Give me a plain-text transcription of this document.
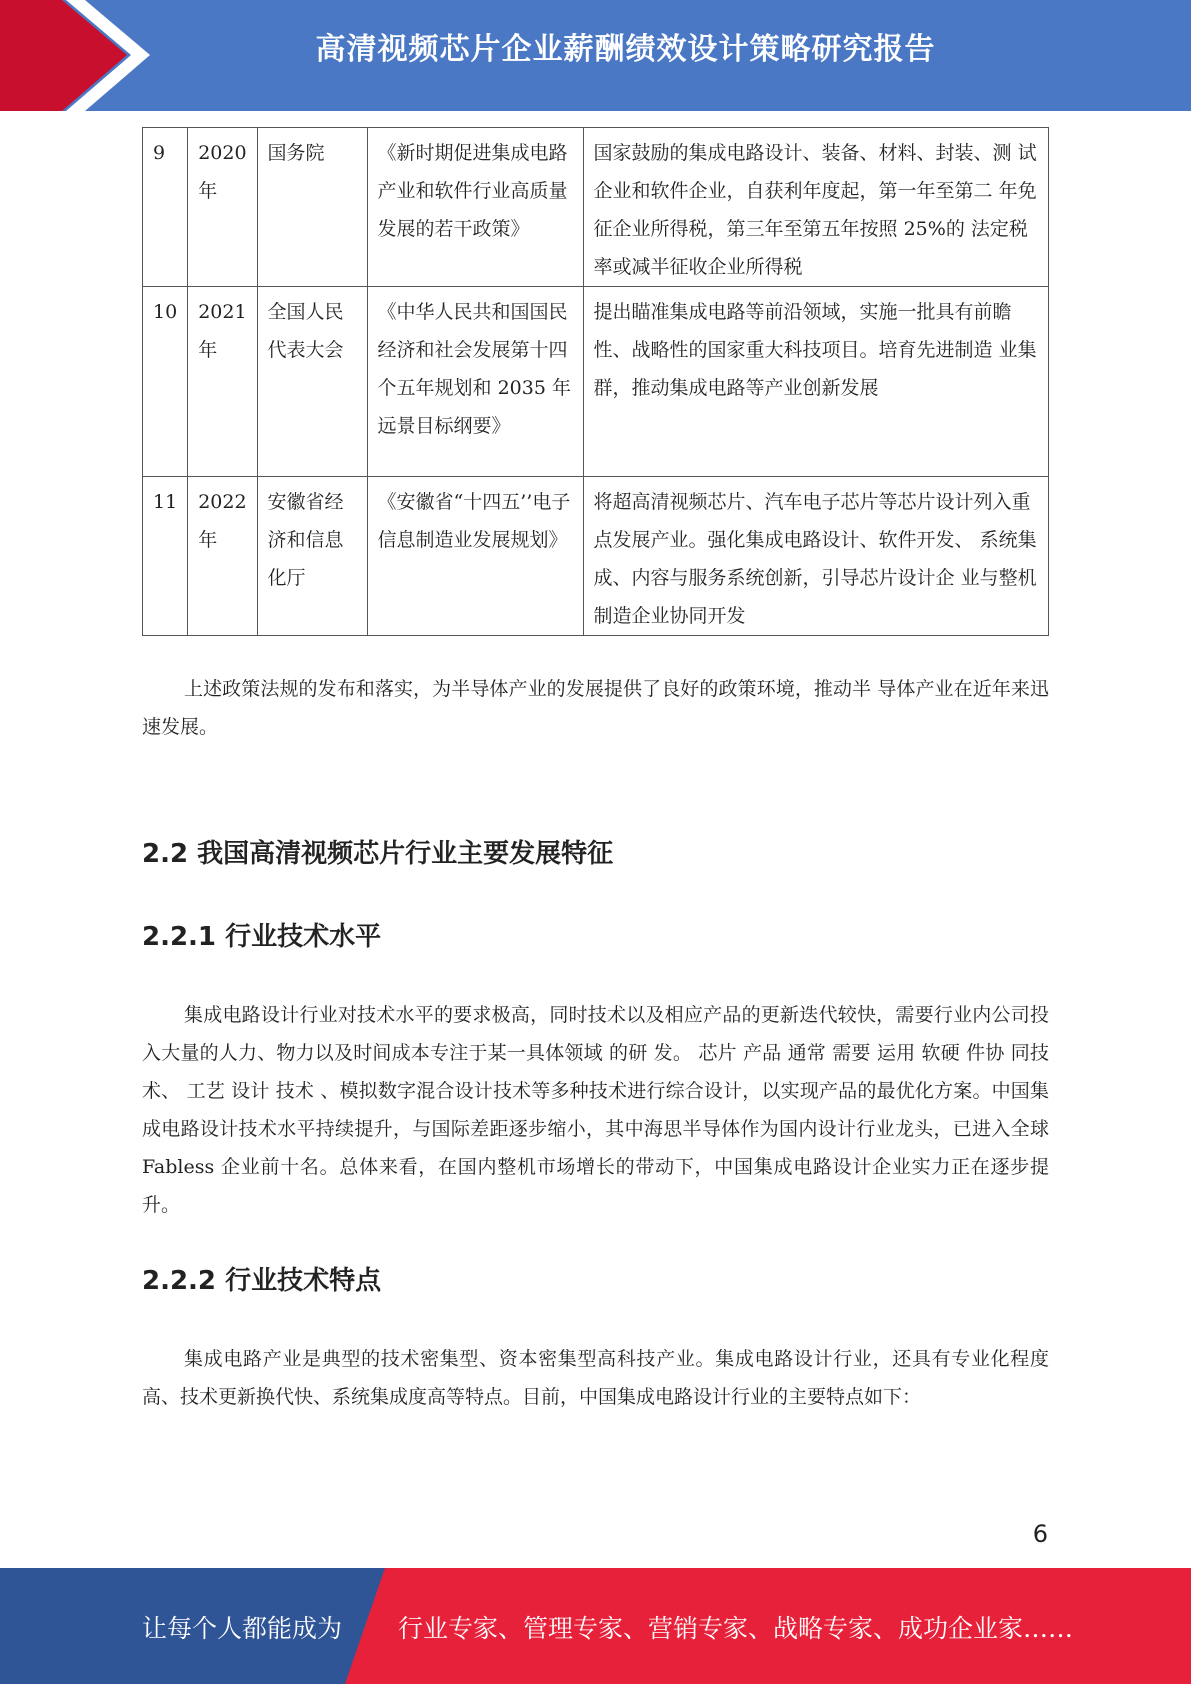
高清视频芯片企业薪酬绩效设计策略研究报告
9	2020年	国务院	《新时期促进集成电路产业和软件行业高质量发展的若干政策》	国家鼓励的集成电路设计、装备、材料、封装、测 试企业和软件企业，自获利年度起，第一年至第二 年免征企业所得税，第三年至第五年按照 25%的 法定税率或减半征收企业所得税
10	2021年	全国人民代表大会	《中华人民共和国国民经济和社会发展第十四个五年规划和 2035 年远景目标纲要》	提出瞄准集成电路等前沿领域，实施一批具有前瞻性、战略性的国家重大科技项目。培育先进制造 业集群，推动集成电路等产业创新发展
11	2022年	安徽省经济和信息化厅	《安徽省“十四五’’电子信息制造业发展规划》	将超高清视频芯片、汽车电子芯片等芯片设计列入重点发展产业。强化集成电路设计、软件开发、 系统集成、内容与服务系统创新，引导芯片设计企 业与整机制造企业协同开发

上述政策法规的发布和落实，为半导体产业的发展提供了良好的政策环境，推动半 导体产业在近年来迅速发展。

2.2 我国高清视频芯片行业主要发展特征
2.2.1 行业技术水平

集成电路设计行业对技术水平的要求极高，同时技术以及相应产品的更新迭代较快，需要行业内公司投入大量的人力、物力以及时间成本专注于某一具体领域 的研 发。 芯片 产品 通常 需要 运用 软硬 件协 同技 术、 工艺 设计 技术 、模拟数字混合设计技术等多种技术进行综合设计，以实现产品的最优化方案。中国集成电路设计技术水平持续提升，与国际差距逐步缩小，其中海思半导体作为国内设计行业龙头，已进入全球 Fabless 企业前十名。总体来看，在国内整机市场增长的带动下，中国集成电路设计企业实力正在逐步提升。

2.2.2 行业技术特点

集成电路产业是典型的技术密集型、资本密集型高科技产业。集成电路设计行业，还具有专业化程度高、技术更新换代快、系统集成度高等特点。目前，中国集成电路设计行业的主要特点如下：

6
让每个人都能成为 行业专家、管理专家、营销专家、战略专家、成功企业家……
